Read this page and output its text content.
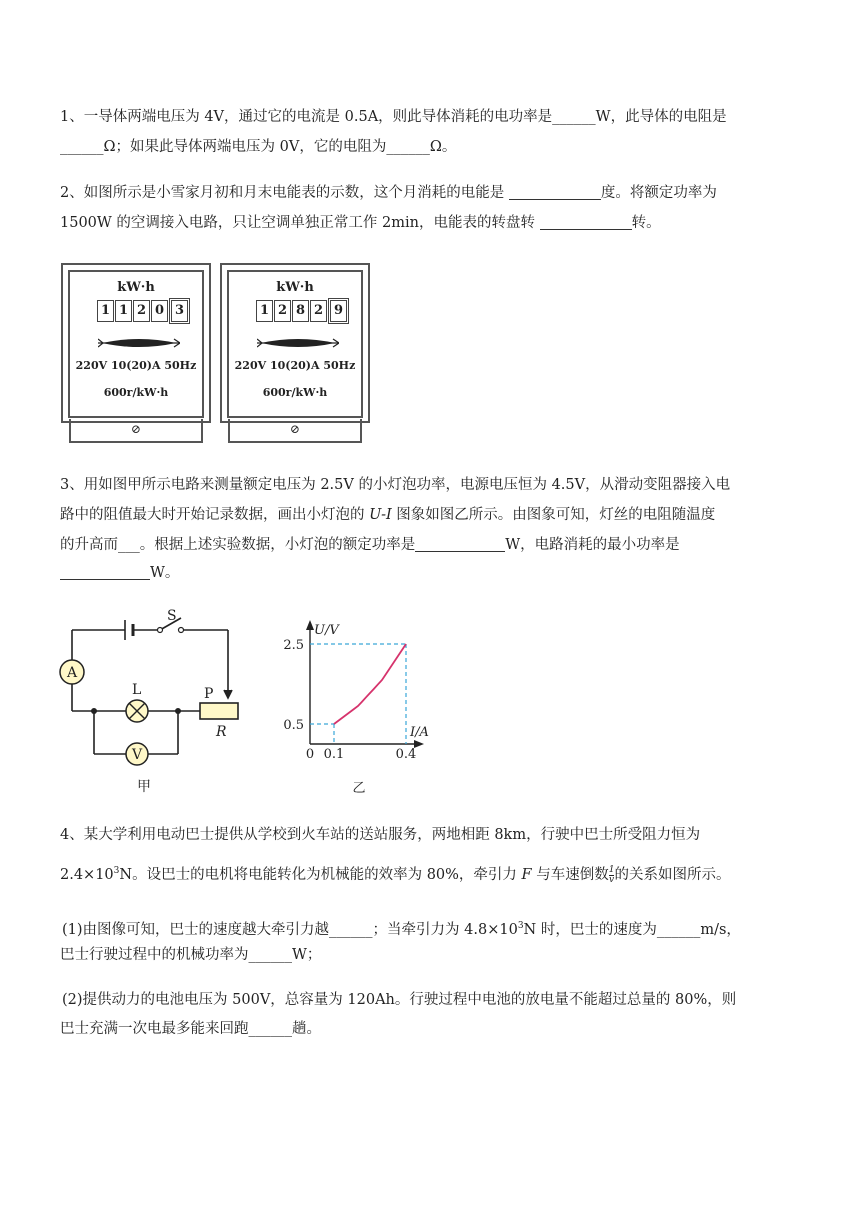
1、一导体两端电压为 4V，通过它的电流是 0.5A，则此导体消耗的电功率是______W，此导体的电阻是
______Ω；如果此导体两端电压为 0V，它的电阻为______Ω。
2、如图所示是小雪家月初和月末电能表的示数，这个月消耗的电能是	度。将额定功率为
1500W 的空调接入电路，只让空调单独正常工作 2min，电能表的转盘转	转。
kW·h
1 1 2 0 3
220V 10(20)A 50Hz
600r/kW·h
⊘
kW·h
1 2 8 2 9
220V 10(20)A 50Hz
600r/kW·h
⊘
3、用如图甲所示电路来测量额定电压为 2.5V 的小灯泡功率，电源电压恒为 4.5V，从滑动变阻器接入电
路中的阻值最大时开始记录数据，画出小灯泡的 U-I 图象如图乙所示。由图象可知，灯丝的电阻随温度
的升高而___。根据上述实验数据，小灯泡的额定功率是	W，电路消耗的最小功率是
W。
A
V
S
L	P
R
甲
U/V
I/A
0
2.5
0.5
0.1	0.4
乙
4、某大学利用电动巴士提供从学校到火车站的送站服务，两地相距 8km，行驶中巴士所受阻力恒为
$2.4\times 10^3N$。设巴士的电机将电能转化为机械能的效率为 80%，牵引力 F 与车速倒数 $\frac{1}{v}$ 的关系如图所示。
(1)由图像可知，巴士的速度越大牵引力越______；当牵引力为 $4.8\times 10^3N$ 时，巴士的速度为______m/s，
巴士行驶过程中的机械功率为______W；
(2)提供动力的电池电压为 500V，总容量为 120Ah。行驶过程中电池的放电量不能超过总量的 80%，则
巴士充满一次电最多能来回跑______趟。
